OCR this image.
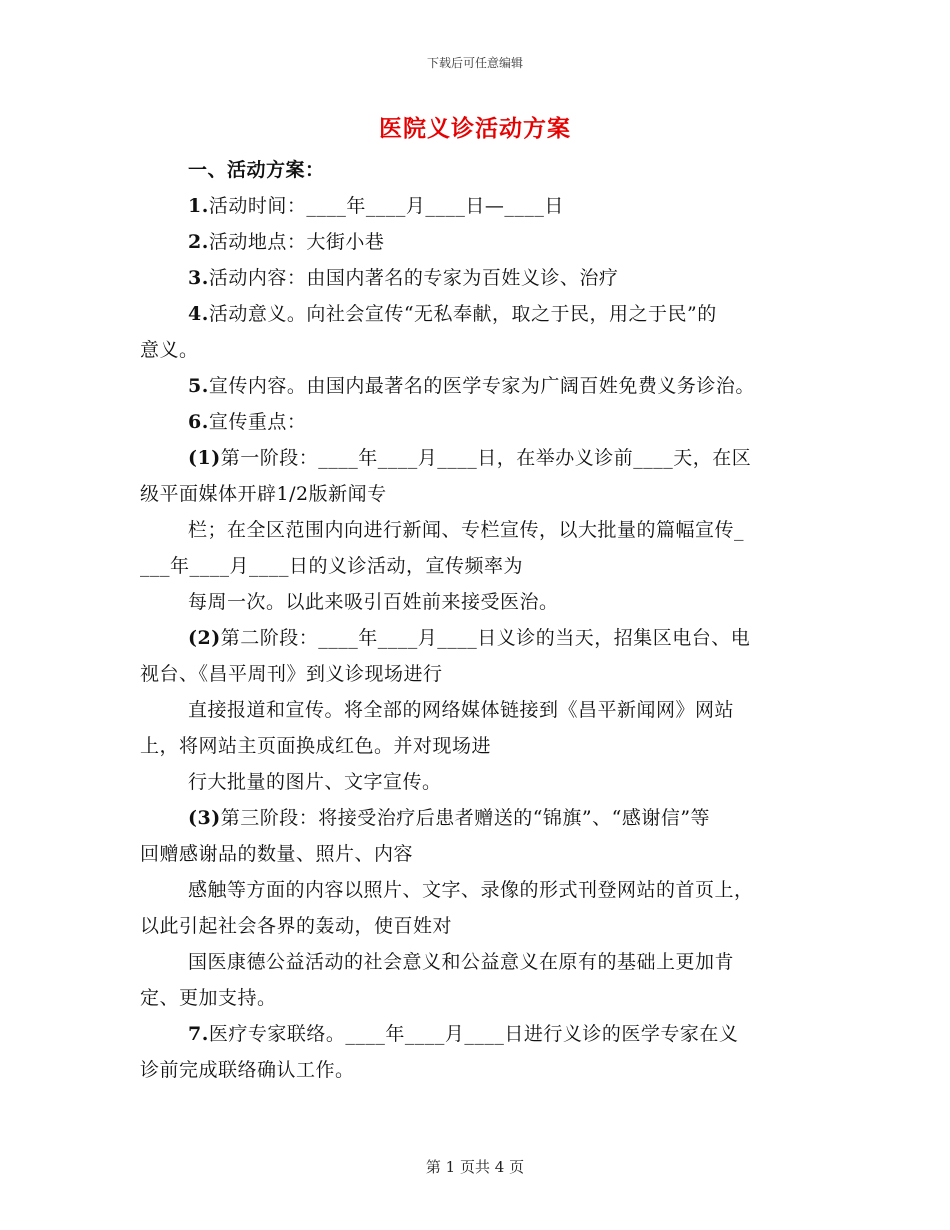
下载后可任意编辑
医院义诊活动方案
一、活动方案：
1.活动时间：____年____月____日—____日
2.活动地点：大街小巷
3.活动内容：由国内著名的专家为百姓义诊、治疗
4.活动意义。向社会宣传“无私奉献，取之于民，用之于民”的
意义。
5.宣传内容。由国内最著名的医学专家为广阔百姓免费义务诊治。
6.宣传重点：
(1)第一阶段：____年____月____日，在举办义诊前____天，在区
级平面媒体开辟1/2版新闻专
栏；在全区范围内向进行新闻、专栏宣传，以大批量的篇幅宣传_
___年____月____日的义诊活动，宣传频率为
每周一次。以此来吸引百姓前来接受医治。
(2)第二阶段：____年____月____日义诊的当天，招集区电台、电
视台、《昌平周刊》到义诊现场进行
直接报道和宣传。将全部的网络媒体链接到《昌平新闻网》网站
上，将网站主页面换成红色。并对现场进
行大批量的图片、文字宣传。
(3)第三阶段：将接受治疗后患者赠送的“锦旗”、“感谢信”等
回赠感谢品的数量、照片、内容
感触等方面的内容以照片、文字、录像的形式刊登网站的首页上，
以此引起社会各界的轰动，使百姓对
国医康德公益活动的社会意义和公益意义在原有的基础上更加肯
定、更加支持。
7.医疗专家联络。____年____月____日进行义诊的医学专家在义
诊前完成联络确认工作。
第 1 页共 4 页
